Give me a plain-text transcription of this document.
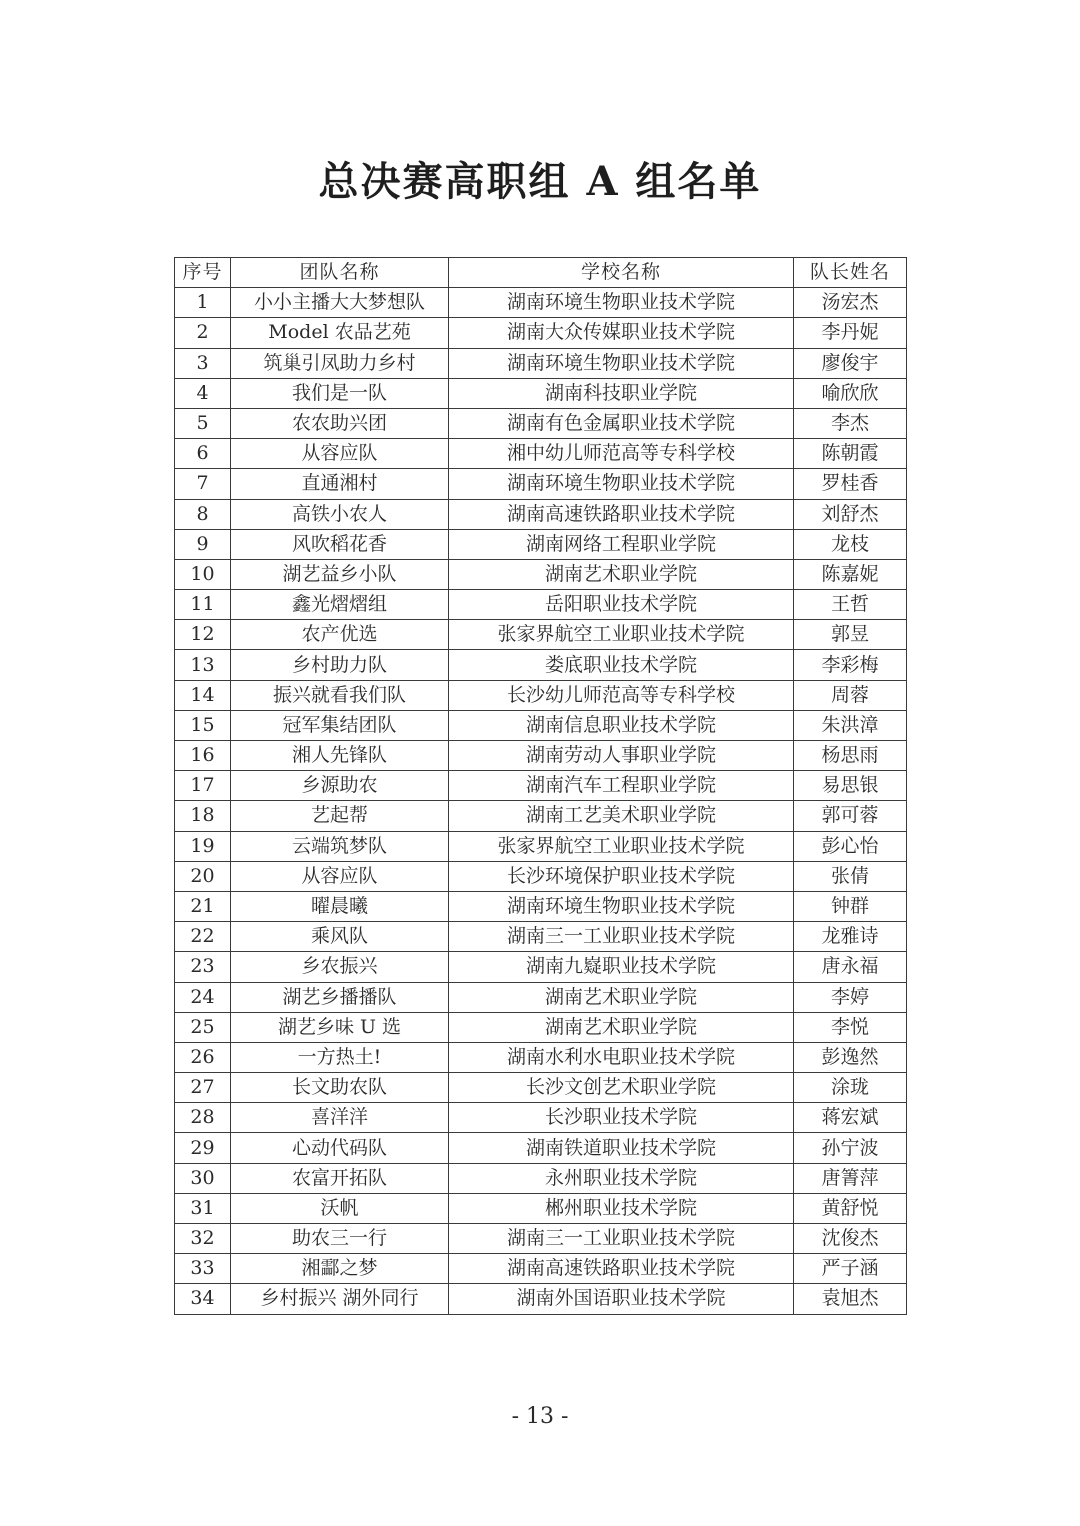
总决赛高职组 A 组名单
序号	团队名称	学校名称	队长姓名
1	小小主播大大梦想队	湖南环境生物职业技术学院	汤宏杰
2	Model 农品艺苑	湖南大众传媒职业技术学院	李丹妮
3	筑巢引凤助力乡村	湖南环境生物职业技术学院	廖俊宇
4	我们是一队	湖南科技职业学院	喻欣欣
5	农农助兴团	湖南有色金属职业技术学院	李杰
6	从容应队	湘中幼儿师范高等专科学校	陈朝霞
7	直通湘村	湖南环境生物职业技术学院	罗桂香
8	高铁小农人	湖南高速铁路职业技术学院	刘舒杰
9	风吹稻花香	湖南网络工程职业学院	龙枝
10	湖艺益乡小队	湖南艺术职业学院	陈嘉妮
11	鑫光熠熠组	岳阳职业技术学院	王哲
12	农产优选	张家界航空工业职业技术学院	郭昱
13	乡村助力队	娄底职业技术学院	李彩梅
14	振兴就看我们队	长沙幼儿师范高等专科学校	周蓉
15	冠军集结团队	湖南信息职业技术学院	朱洪漳
16	湘人先锋队	湖南劳动人事职业学院	杨思雨
17	乡源助农	湖南汽车工程职业学院	易思银
18	艺起帮	湖南工艺美术职业学院	郭可蓉
19	云端筑梦队	张家界航空工业职业技术学院	彭心怡
20	从容应队	长沙环境保护职业技术学院	张倩
21	曜晨曦	湖南环境生物职业技术学院	钟群
22	乘风队	湖南三一工业职业技术学院	龙雅诗
23	乡农振兴	湖南九嶷职业技术学院	唐永福
24	湖艺乡播播队	湖南艺术职业学院	李婷
25	湖艺乡味 U 选	湖南艺术职业学院	李悦
26	一方热土!	湖南水利水电职业技术学院	彭逸然
27	长文助农队	长沙文创艺术职业学院	涂珑
28	喜洋洋	长沙职业技术学院	蒋宏斌
29	心动代码队	湖南铁道职业技术学院	孙宁波
30	农富开拓队	永州职业技术学院	唐箐萍
31	沃帆	郴州职业技术学院	黄舒悦
32	助农三一行	湖南三一工业职业技术学院	沈俊杰
33	湘酃之梦	湖南高速铁路职业技术学院	严子涵
34	乡村振兴 湖外同行	湖南外国语职业技术学院	袁旭杰
- 13 -
